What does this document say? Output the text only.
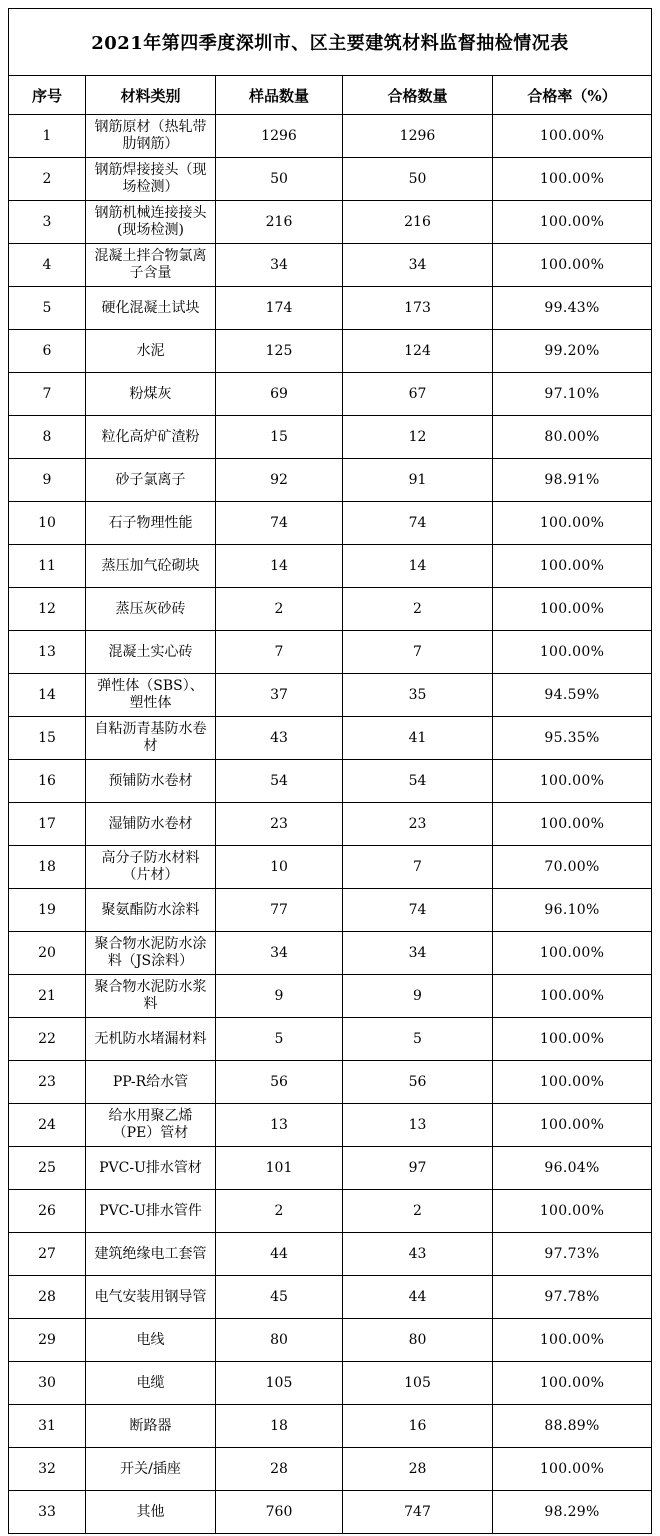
2021年第四季度深圳市、区主要建筑材料监督抽检情况表				
序号	材料类别	样品数量	合格数量	合格率（%）
1	钢筋原材（热轧带肋钢筋）	1296	1296	100.00%
2	钢筋焊接接头（现场检测）	50	50	100.00%
3	钢筋机械连接接头(现场检测)	216	216	100.00%
4	混凝土拌合物氯离子含量	34	34	100.00%
5	硬化混凝土试块	174	173	99.43%
6	水泥	125	124	99.20%
7	粉煤灰	69	67	97.10%
8	粒化高炉矿渣粉	15	12	80.00%
9	砂子氯离子	92	91	98.91%
10	石子物理性能	74	74	100.00%
11	蒸压加气砼砌块	14	14	100.00%
12	蒸压灰砂砖	2	2	100.00%
13	混凝土实心砖	7	7	100.00%
14	弹性体（SBS）、塑性体	37	35	94.59%
15	自粘沥青基防水卷材	43	41	95.35%
16	预铺防水卷材	54	54	100.00%
17	湿铺防水卷材	23	23	100.00%
18	高分子防水材料（片材）	10	7	70.00%
19	聚氨酯防水涂料	77	74	96.10%
20	聚合物水泥防水涂料（JS涂料）	34	34	100.00%
21	聚合物水泥防水浆料	9	9	100.00%
22	无机防水堵漏材料	5	5	100.00%
23	PP-R给水管	56	56	100.00%
24	给水用聚乙烯（PE）管材	13	13	100.00%
25	PVC-U排水管材	101	97	96.04%
26	PVC-U排水管件	2	2	100.00%
27	建筑绝缘电工套管	44	43	97.73%
28	电气安装用钢导管	45	44	97.78%
29	电线	80	80	100.00%
30	电缆	105	105	100.00%
31	断路器	18	16	88.89%
32	开关/插座	28	28	100.00%
33	其他	760	747	98.29%
